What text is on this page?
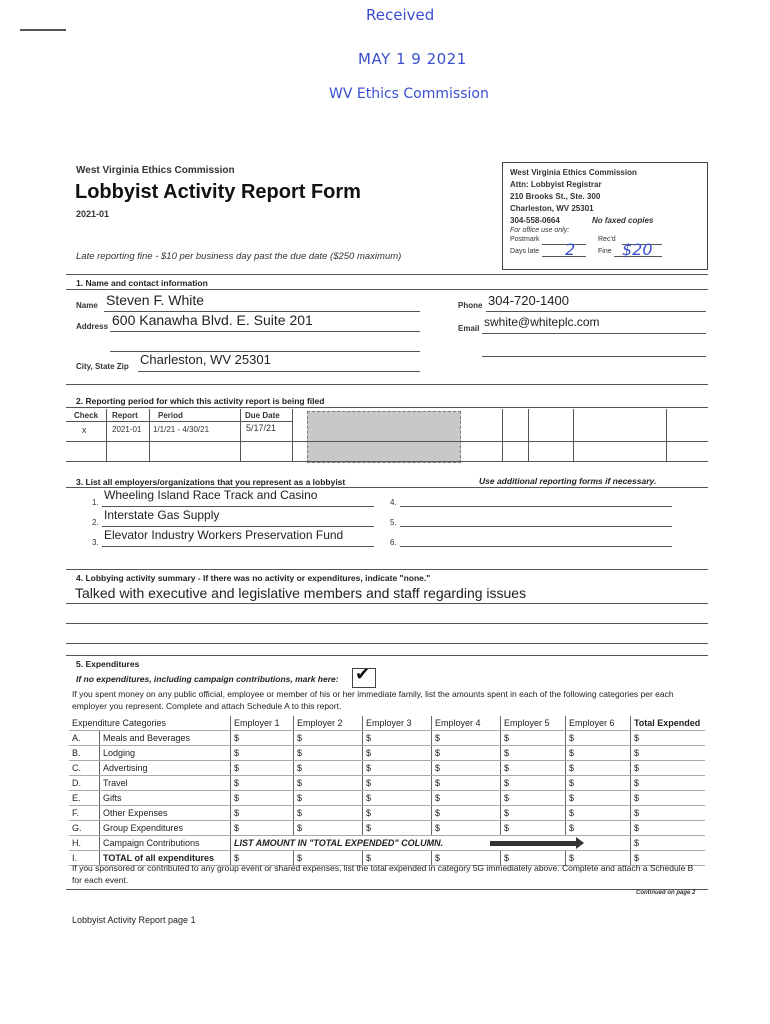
Received
MAY 1 9 2021
WV Ethics Commission
West Virginia Ethics Commission
Lobbyist Activity Report Form
2021-01
Late reporting fine - $10 per business day past the due date ($250 maximum)
West Virginia Ethics Commission
Attn: Lobbyist Registrar
210 Brooks St., Ste. 300
Charleston, WV 25301
304-558-0664	No faxed copies
For office use only:
Postmark	Rec'd
Days late 2	Fine $20
1. Name and contact information
Name Steven F. White
Address 600 Kanawha Blvd. E. Suite 201
City, State Zip Charleston, WV 25301
Phone 304-720-1400
Email swhite@whiteplc.com
2. Reporting period for which this activity report is being filed
Check Report	Period	Due Date
x	2021-01 1/1/21 - 4/30/21	5/17/21
3. List all employers/organizations that you represent as a lobbyist	Use additional reporting forms if necessary.
1.
Wheeling Island Race Track and Casino
2.
Interstate Gas Supply
3.
Elevator Industry Workers Preservation Fund
4.
5.
6.
4. Lobbying activity summary - If there was no activity or expenditures, indicate "none."
Talked with executive and legislative members and staff regarding issues
5. Expenditures
If no expenditures, including campaign contributions, mark here: ✔
If you spent money on any public official, employee or member of his or her immediate family, list the amounts spent in each of the following categories per each employer you represent. Complete and attach Schedule A to this report.
Expenditure Categories		Employer 1	Employer 2	Employer 3	Employer 4	Employer 5	Employer 6	Total Expended
A.	Meals and Beverages	$	$	$	$	$	$	$
B.	Lodging	$	$	$	$	$	$	$
C.	Advertising	$	$	$	$	$	$	$
D.	Travel	$	$	$	$	$	$	$
E.	Gifts	$	$	$	$	$	$	$
F.	Other Expenses	$	$	$	$	$	$	$
G.	Group Expenditures	$	$	$	$	$	$	$
H.	Campaign Contributions	LIST AMOUNT IN "TOTAL EXPENDED" COLUMN.						$
I.	TOTAL of all expenditures	$	$	$	$	$	$	$
If you sponsored or contributed to any group event or shared expenses, list the total expended in category 5G immediately above. Complete and attach a Schedule B for each event.
Continued on page 2
Lobbyist Activity Report page 1
